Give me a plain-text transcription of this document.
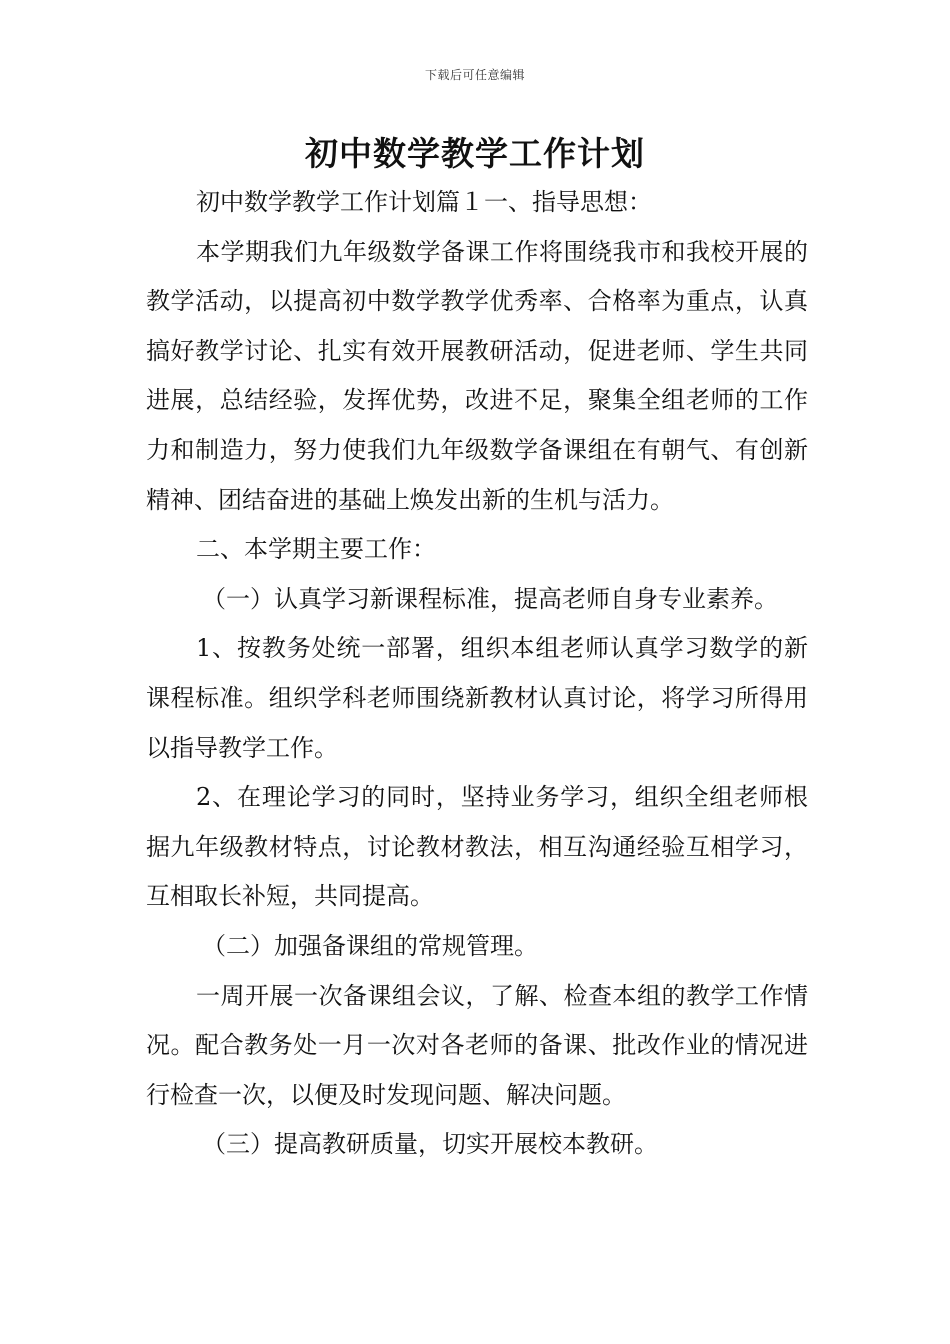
下载后可任意编辑
初中数学教学工作计划

初中数学教学工作计划篇１一、指导思想：

本学期我们九年级数学备课工作将围绕我市和我校开展的教学活动，以提高初中数学教学优秀率、合格率为重点，认真搞好教学讨论、扎实有效开展教研活动，促进老师、学生共同进展，总结经验，发挥优势，改进不足，聚集全组老师的工作力和制造力，努力使我们九年级数学备课组在有朝气、有创新精神、团结奋进的基础上焕发出新的生机与活力。

二、本学期主要工作：

（一）认真学习新课程标准，提高老师自身专业素养。

1、按教务处统一部署，组织本组老师认真学习数学的新课程标准。组织学科老师围绕新教材认真讨论，将学习所得用以指导教学工作。

2、在理论学习的同时，坚持业务学习，组织全组老师根据九年级教材特点，讨论教材教法，相互沟通经验互相学习，互相取长补短，共同提高。

（二）加强备课组的常规管理。

一周开展一次备课组会议，了解、检查本组的教学工作情况。配合教务处一月一次对各老师的备课、批改作业的情况进行检查一次，以便及时发现问题、解决问题。

（三）提高教研质量，切实开展校本教研。
